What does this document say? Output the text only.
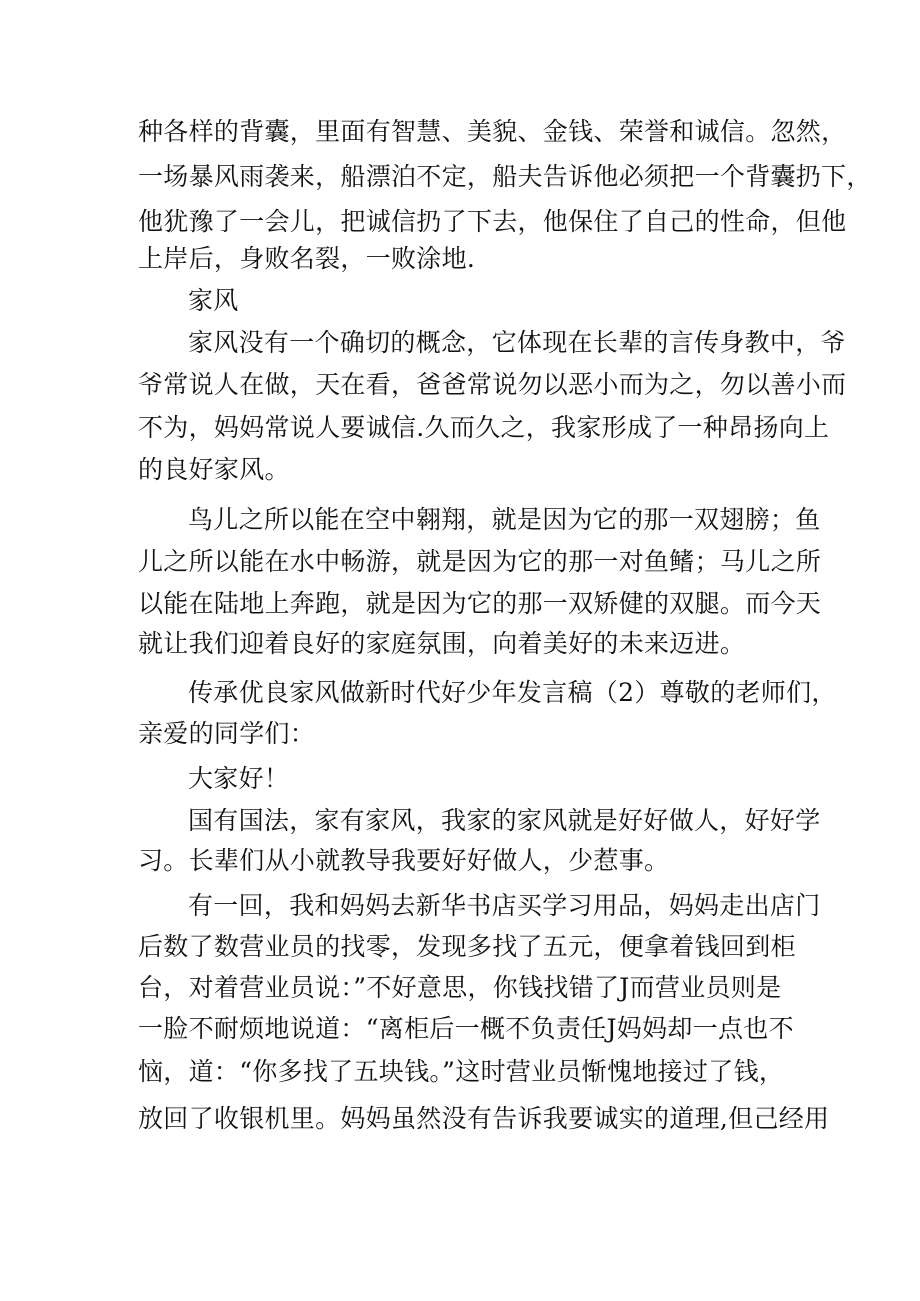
种各样的背囊，里面有智慧、美貌、金钱、荣誉和诚信。忽然，
一场暴风雨袭来，船漂泊不定，船夫告诉他必须把一个背囊扔下，
他犹豫了一会儿，把诚信扔了下去，他保住了自己的性命，但他
上岸后，身败名裂，一败涂地.
家风
家风没有一个确切的概念，它体现在长辈的言传身教中，爷
爷常说人在做，天在看，爸爸常说勿以恶小而为之，勿以善小而
不为，妈妈常说人要诚信.久而久之，我家形成了一种昂扬向上
的良好家风。
鸟儿之所以能在空中翱翔，就是因为它的那一双翅膀；鱼
儿之所以能在水中畅游，就是因为它的那一对鱼鳍；马儿之所
以能在陆地上奔跑，就是因为它的那一双矫健的双腿。而今天
就让我们迎着良好的家庭氛围，向着美好的未来迈进。
传承优良家风做新时代好少年发言稿（2）尊敬的老师们，
亲爱的同学们：
大家好！
国有国法，家有家风，我家的家风就是好好做人，好好学
习。长辈们从小就教导我要好好做人，少惹事。
有一回，我和妈妈去新华书店买学习用品，妈妈走出店门
后数了数营业员的找零，发现多找了五元，便拿着钱回到柜
台，对着营业员说：”不好意思，你钱找错了J而营业员则是
一脸不耐烦地说道：“离柜后一概不负责任J妈妈却一点也不
恼，道：“你多找了五块钱。”这时营业员惭愧地接过了钱，
放回了收银机里。妈妈虽然没有告诉我要诚实的道理,但己经用
